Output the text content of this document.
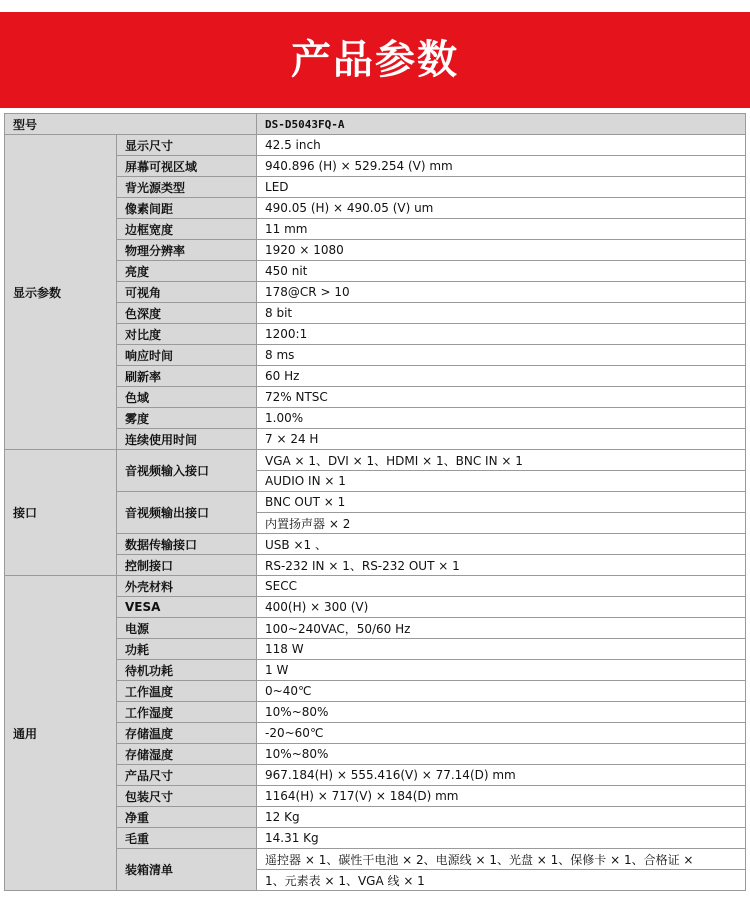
产品参数
型号		DS-D5043FQ-A
显示参数	显示尺寸	42.5 inch
	屏幕可视区域	940.896 (H) × 529.254 (V) mm
	背光源类型	LED
	像素间距	490.05 (H) × 490.05 (V) um
	边框宽度	11 mm
	物理分辨率	1920 × 1080
	亮度	450 nit
	可视角	178@CR > 10
	色深度	8 bit
	对比度	1200:1
	响应时间	8 ms
	刷新率	60 Hz
	色域	72% NTSC
	雾度	1.00%
	连续使用时间	7 × 24 H
接口	音视频输入接口	VGA × 1、DVI × 1、HDMI × 1、BNC IN × 1
		AUDIO IN × 1
	音视频输出接口	BNC OUT × 1
		内置扬声器 × 2
	数据传输接口	USB ×1 、
	控制接口	RS-232 IN × 1、RS-232 OUT × 1
通用	外壳材料	SECC
	VESA	400(H) × 300 (V)
	电源	100~240VAC，50/60 Hz
	功耗	118 W
	待机功耗	1 W
	工作温度	0~40℃
	工作湿度	10%~80%
	存储温度	-20~60℃
	存储湿度	10%~80%
	产品尺寸	967.184(H) × 555.416(V) × 77.14(D) mm
	包装尺寸	1164(H) × 717(V) × 184(D) mm
	净重	12 Kg
	毛重	14.31 Kg
	装箱清单	遥控器 × 1、碳性干电池 × 2、电源线 × 1、光盘 × 1、保修卡 × 1、合格证 ×
		1、元素表 × 1、VGA 线 × 1
